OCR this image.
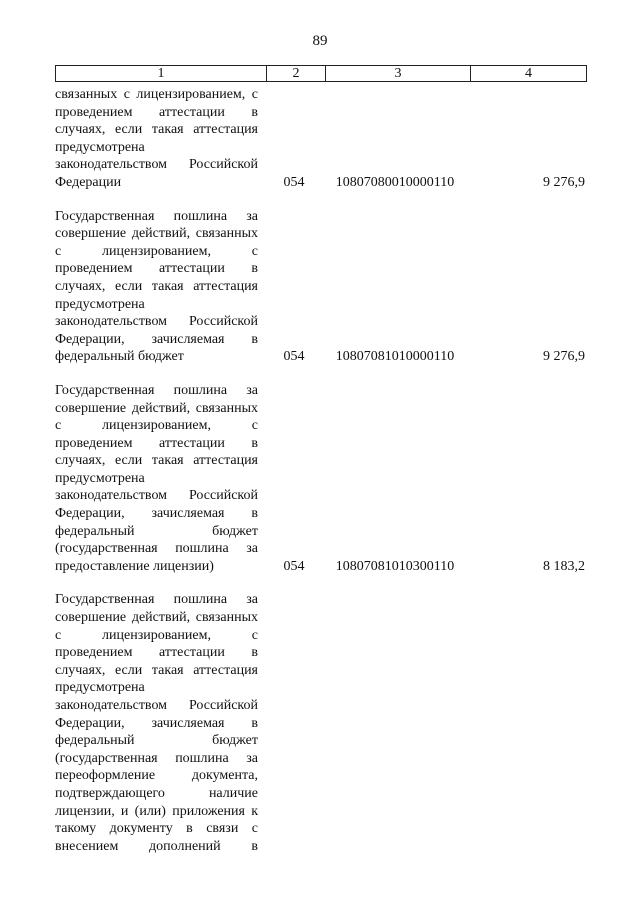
89
1	2	3	4

связанных с лицензированием, с проведением аттестации в случаях, если такая аттестация предусмотрена законодательством Российской Федерации	054	10807080010000110	9 276,9

Государственная пошлина за совершение действий, связанных с лицензированием, с проведением аттестации в случаях, если такая аттестация предусмотрена законодательством Российской Федерации, зачисляемая в федеральный бюджет	054	10807081010000110	9 276,9

Государственная пошлина за совершение действий, связанных с лицензированием, с проведением аттестации в случаях, если такая аттестация предусмотрена законодательством Российской Федерации, зачисляемая в федеральный бюджет (государственная пошлина за предоставление лицензии)	054	10807081010300110	8 183,2

Государственная пошлина за совершение действий, связанных с лицензированием, с проведением аттестации в случаях, если такая аттестация предусмотрена законодательством Российской Федерации, зачисляемая в федеральный бюджет (государственная пошлина за переоформление документа, подтверждающего наличие лицензии, и (или) приложения к такому документу в связи с внесением дополнений в
